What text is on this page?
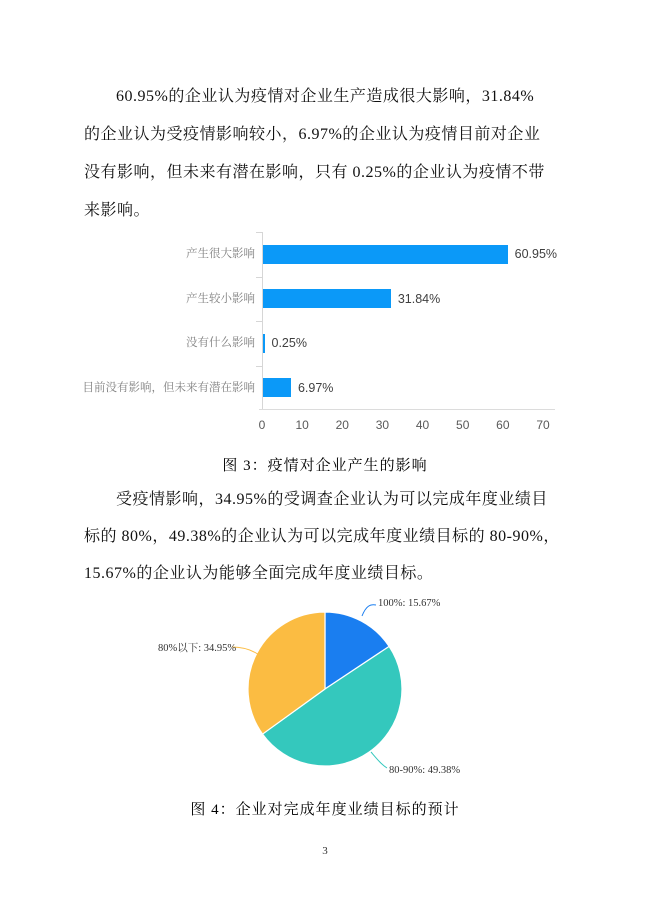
60.95%的企业认为疫情对企业生产造成很大影响，31.84%
的企业认为受疫情影响较小，6.97%的企业认为疫情目前对企业
没有影响，但未来有潜在影响，只有 0.25%的企业认为疫情不带
来影响。
产生很大影响	60.95%
产生较小影响	31.84%
没有什么影响 0.25%
目前没有影响，但未来有潜在影响	6.97%
0	10 20 30 40 50 60 70
图 3：疫情对企业产生的影响
受疫情影响，34.95%的受调查企业认为可以完成年度业绩目
标的 80%，49.38%的企业认为可以完成年度业绩目标的 80-90%，
15.67%的企业认为能够全面完成年度业绩目标。
100%: 15.67%
80%以下: 34.95%
80-90%: 49.38%
图 4：企业对完成年度业绩目标的预计
3
